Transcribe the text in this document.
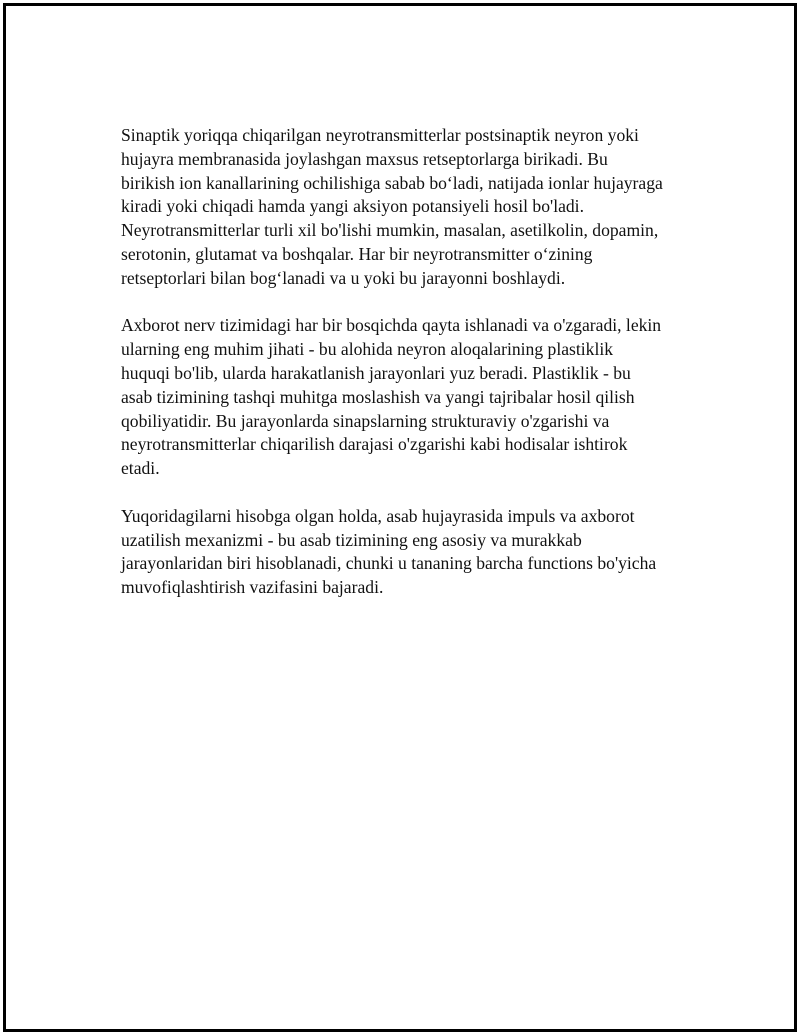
Sinaptik yoriqqa chiqarilgan neyrotransmitterlar postsinaptik neyron yoki
hujayra membranasida joylashgan maxsus retseptorlarga birikadi. Bu
birikish ion kanallarining ochilishiga sabab bo‘ladi, natijada ionlar hujayraga
kiradi yoki chiqadi hamda yangi aksiyon potansiyeli hosil bo'ladi.
Neyrotransmitterlar turli xil bo'lishi mumkin, masalan, asetilkolin, dopamin,
serotonin, glutamat va boshqalar. Har bir neyrotransmitter o‘zining
retseptorlari bilan bog‘lanadi va u yoki bu jarayonni boshlaydi.

Axborot nerv tizimidagi har bir bosqichda qayta ishlanadi va o'zgaradi, lekin
ularning eng muhim jihati - bu alohida neyron aloqalarining plastiklik
huquqi bo'lib, ularda harakatlanish jarayonlari yuz beradi. Plastiklik - bu
asab tizimining tashqi muhitga moslashish va yangi tajribalar hosil qilish
qobiliyatidir. Bu jarayonlarda sinapslarning strukturaviy o'zgarishi va
neyrotransmitterlar chiqarilish darajasi o'zgarishi kabi hodisalar ishtirok
etadi.

Yuqoridagilarni hisobga olgan holda, asab hujayrasida impuls va axborot
uzatilish mexanizmi - bu asab tizimining eng asosiy va murakkab
jarayonlaridan biri hisoblanadi, chunki u tananing barcha functions bo'yicha
muvofiqlashtirish vazifasini bajaradi.
